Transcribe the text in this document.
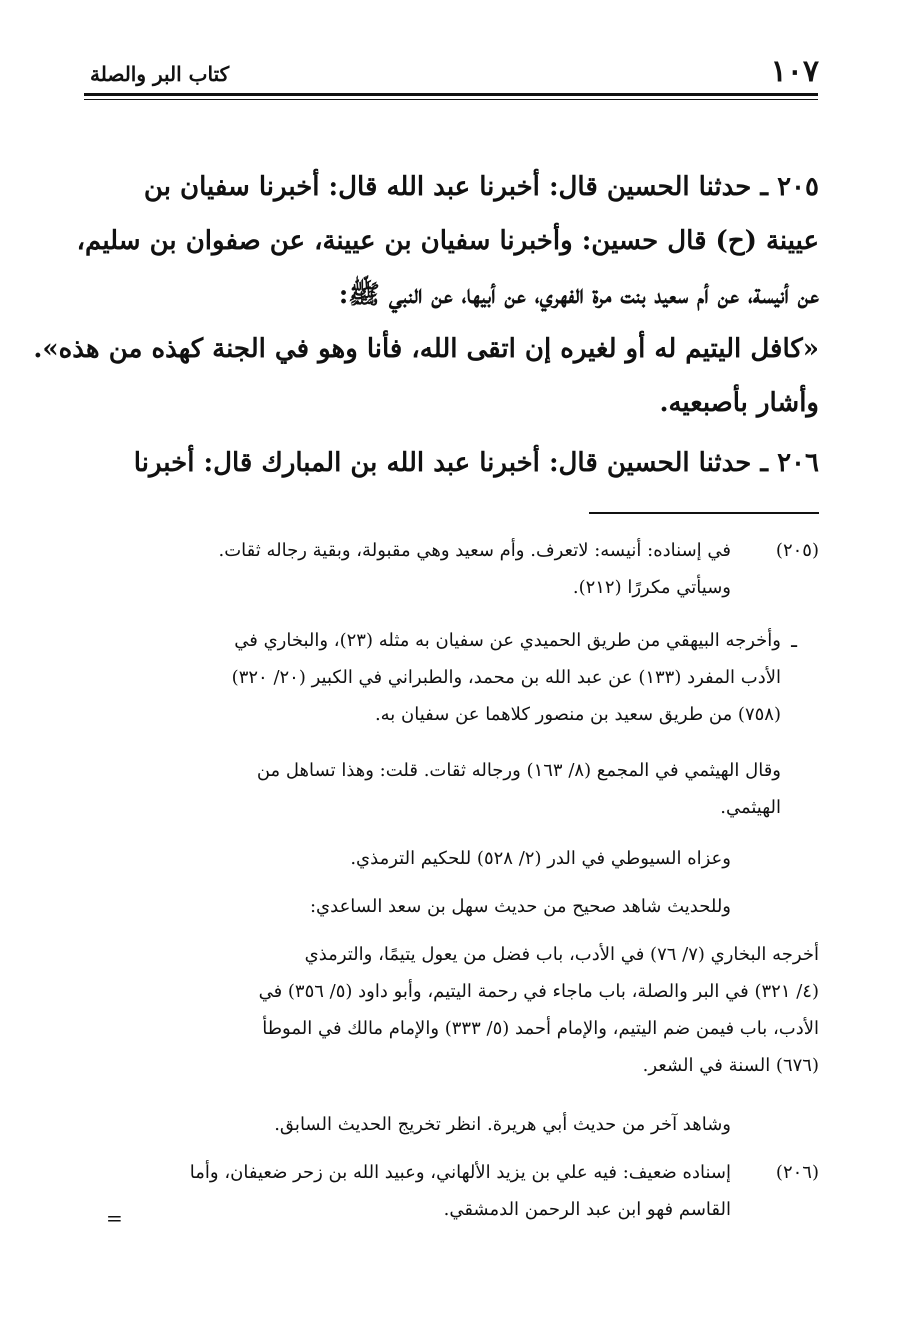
١٠٧
كتاب البر والصلة
٢٠٥ ـ حدثنا الحسين قال: أخبرنا عبد الله قال: أخبرنا سفيان بن
عيينة (ح) قال حسين: وأخبرنا سفيان بن عيينة، عن صفوان بن سليم،
عن أنيسة، عن أم سعيد بنت مرة الفهري، عن أبيها، عن النبي ﷺ:
«كافل اليتيم له أو لغيره إن اتقى الله، فأنا وهو في الجنة كهذه من هذه».
وأشار بأصبعيه.
٢٠٦ ـ حدثنا الحسين قال: أخبرنا عبد الله بن المبارك قال: أخبرنا
(٢٠٥)
في إسناده: أنيسه: لاتعرف. وأم سعيد وهي مقبولة، وبقية رجاله ثقات.
وسيأتي مكررًا (٢١٢).
ـ
وأخرجه البيهقي من طريق الحميدي عن سفيان به مثله (٢٣)، والبخاري في
الأدب المفرد (١٣٣) عن عبد الله بن محمد، والطبراني في الكبير (٢٠/ ٣٢٠)
(٧٥٨) من طريق سعيد بن منصور كلاهما عن سفيان به.
وقال الهيثمي في المجمع (٨/ ١٦٣) ورجاله ثقات. قلت: وهذا تساهل من
الهيثمي.
وعزاه السيوطي في الدر (٢/ ٥٢٨) للحكيم الترمذي.
وللحديث شاهد صحيح من حديث سهل بن سعد الساعدي:
أخرجه البخاري (٧/ ٧٦) في الأدب، باب فضل من يعول يتيمًا، والترمذي
(٤/ ٣٢١) في البر والصلة، باب ماجاء في رحمة اليتيم، وأبو داود (٥/ ٣٥٦) في
الأدب، باب فيمن ضم اليتيم، والإمام أحمد (٥/ ٣٣٣) والإمام مالك في الموطأ
(٦٧٦) السنة في الشعر.
وشاهد آخر من حديث أبي هريرة. انظر تخريج الحديث السابق.
(٢٠٦)
إسناده ضعيف: فيه علي بن يزيد الألهاني، وعبيد الله بن زحر ضعيفان، وأما
القاسم فهو ابن عبد الرحمن الدمشقي.
=
